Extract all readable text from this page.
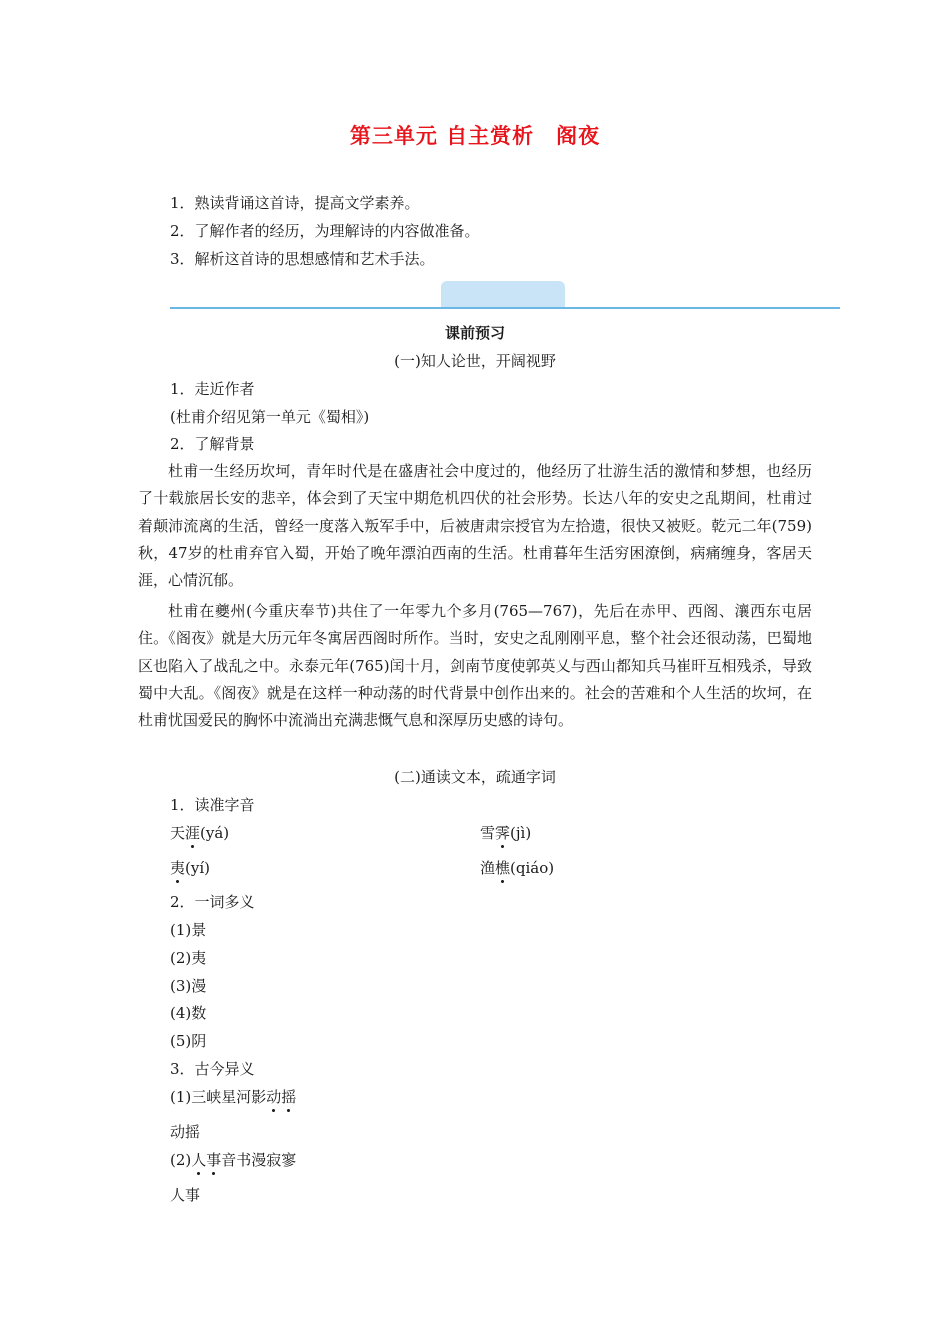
第三单元 自主赏析　阁夜
1．熟读背诵这首诗，提高文学素养。
2．了解作者的经历，为理解诗的内容做准备。
3．解析这首诗的思想感情和艺术手法。
课前预习
(一)知人论世，开阔视野
1．走近作者
(杜甫介绍见第一单元《蜀相》)
2．了解背景

杜甫一生经历坎坷，青年时代是在盛唐社会中度过的，他经历了壮游生活的激情和梦想，也经历了十载旅居长安的悲辛，体会到了天宝中期危机四伏的社会形势。长达八年的安史之乱期间，杜甫过着颠沛流离的生活，曾经一度落入叛军手中，后被唐肃宗授官为左拾遗，很快又被贬。乾元二年(759)秋，47岁的杜甫弃官入蜀，开始了晚年漂泊西南的生活。杜甫暮年生活穷困潦倒，病痛缠身，客居天涯，心情沉郁。

杜甫在夔州(今重庆奉节)共住了一年零九个多月(765—767)，先后在赤甲、西阁、瀼西东屯居住。《阁夜》就是大历元年冬寓居西阁时所作。当时，安史之乱刚刚平息，整个社会还很动荡，巴蜀地区也陷入了战乱之中。永泰元年(765)闰十月，剑南节度使郭英乂与西山都知兵马崔旰互相残杀，导致蜀中大乱。《阁夜》就是在这样一种动荡的时代背景中创作出来的。社会的苦难和个人生活的坎坷，在杜甫忧国爱民的胸怀中流淌出充满悲慨气息和深厚历史感的诗句。

(二)通读文本，疏通字词
1．读准字音
天涯(yá)	雪霁(jì)
夷(yí)	渔樵(qiáo)
2．一词多义
(1)景
(2)夷
(3)漫
(4)数
(5)阴
3．古今异义
(1)三峡星河影动摇
动摇
(2)人事音书漫寂寥
人事
